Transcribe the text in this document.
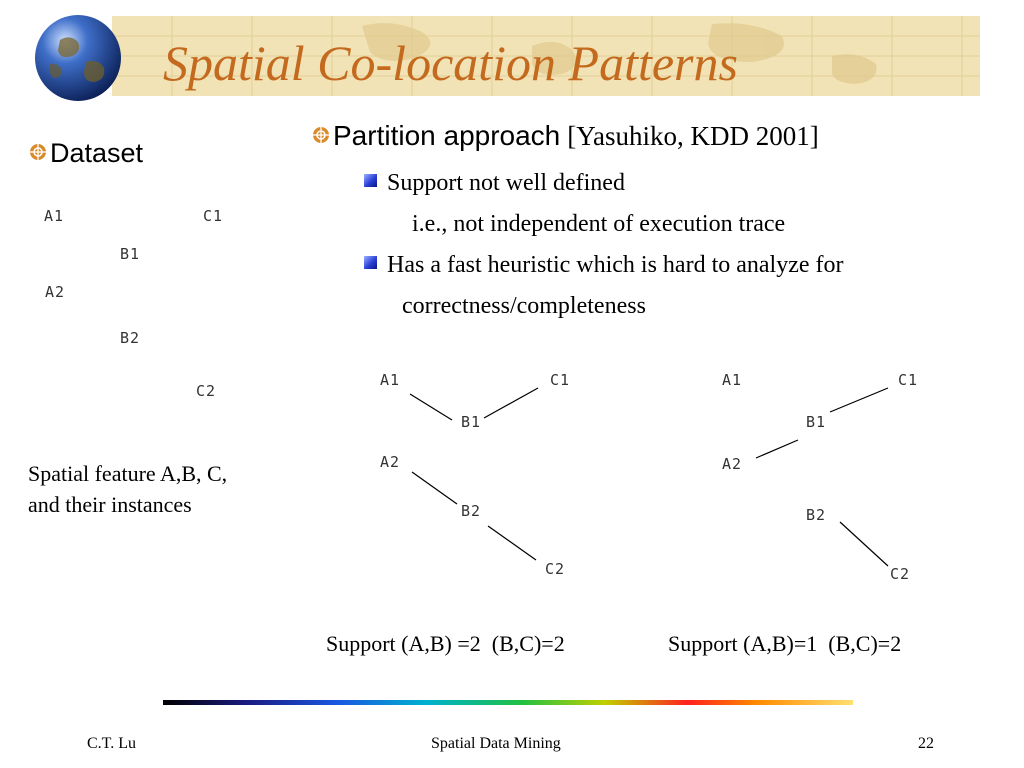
Spatial Co-location Patterns
Dataset
A1	C1
B1
A2
B2
C2
Spatial feature A,B, C,
and their instances
Partition approach [Yasuhiko, KDD 2001]
Support not well defined
i.e., not independent of execution trace
Has a fast heuristic which is hard to analyze for
correctness/completeness
A1	C1
B1
A2
B2
C2
A1	C1
B1
A2
B2
C2
Support (A,B) =2  (B,C)=2	Support (A,B)=1  (B,C)=2
C.T. Lu	Spatial Data Mining	22
